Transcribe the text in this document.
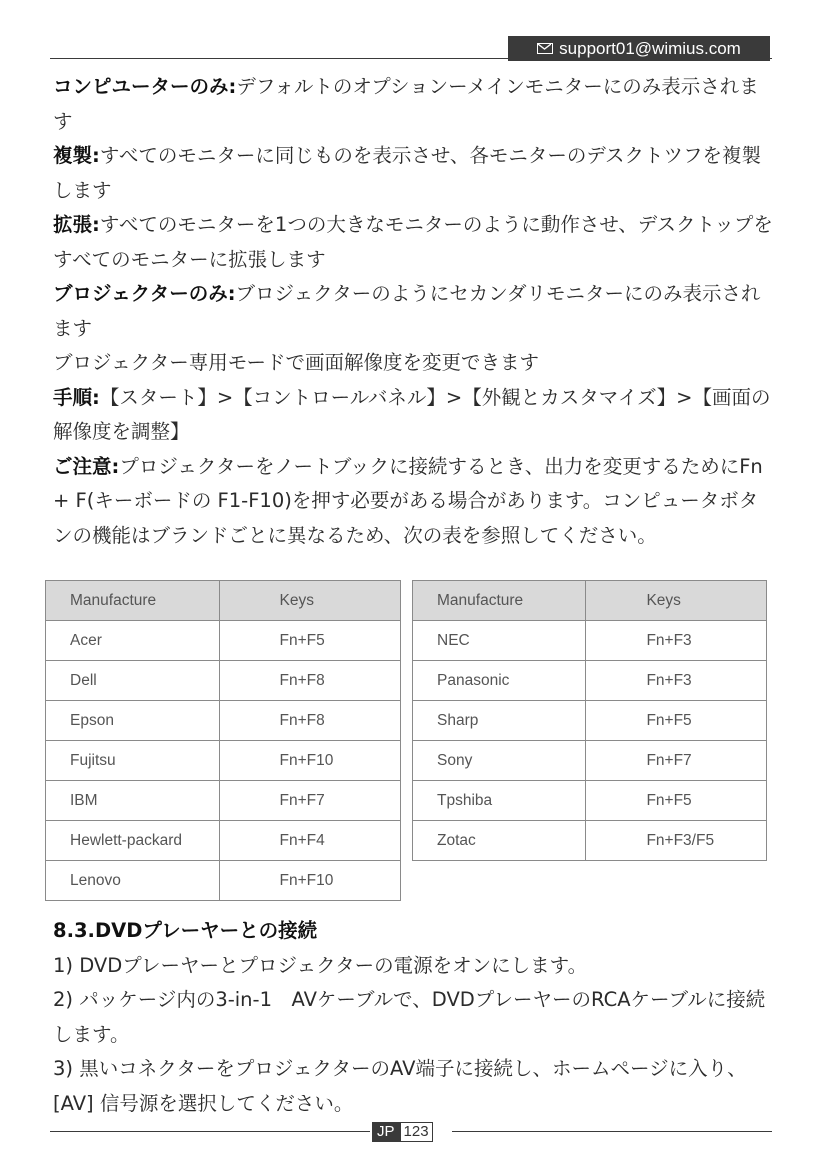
support01@wimius.com

コンピユーターのみ:デフォルトのオプションーメインモニターにのみ表示されます

複製:すべてのモニターに同じものを表示させ、各モニターのデスクトツフを複製します

拡張:すべてのモニターを1つの大きなモニターのように動作させ、デスクトップをすべてのモニターに拡張します

ブロジェクターのみ:ブロジェクターのようにセカンダリモニターにのみ表示されます

ブロジェクター専用モードで画面解像度を変更できます

手順:【スタート】>【コントロールバネル】>【外観とカスタマイズ】>【画面の解像度を調整】

ご注意:プロジェクターをノートブックに接続するとき、出力を変更するためにFn + F(キーボードの F1-F10)を押す必要がある場合があります。コンピュータボタンの機能はブランドごとに異なるため、次の表を参照してください。

Manufacture	Keys
Acer	Fn+F5
Dell	Fn+F8
Epson	Fn+F8
Fujitsu	Fn+F10
IBM	Fn+F7
Hewlett-packard	Fn+F4
Lenovo	Fn+F10
Manufacture	Keys
NEC	Fn+F3
Panasonic	Fn+F3
Sharp	Fn+F5
Sony	Fn+F7
Tpshiba	Fn+F5
Zotac	Fn+F3/F5

8.3.DVDプレーヤーとの接続

1) DVDプレーヤーとプロジェクターの電源をオンにします。

2) パッケージ内の3-in-1　AVケーブルで、DVDプレーヤーのRCAケーブルに接続します。

3) 黒いコネクターをプロジェクターのAV端子に接続し、ホームページに入り、[AV] 信号源を選択してください。

JP 123
